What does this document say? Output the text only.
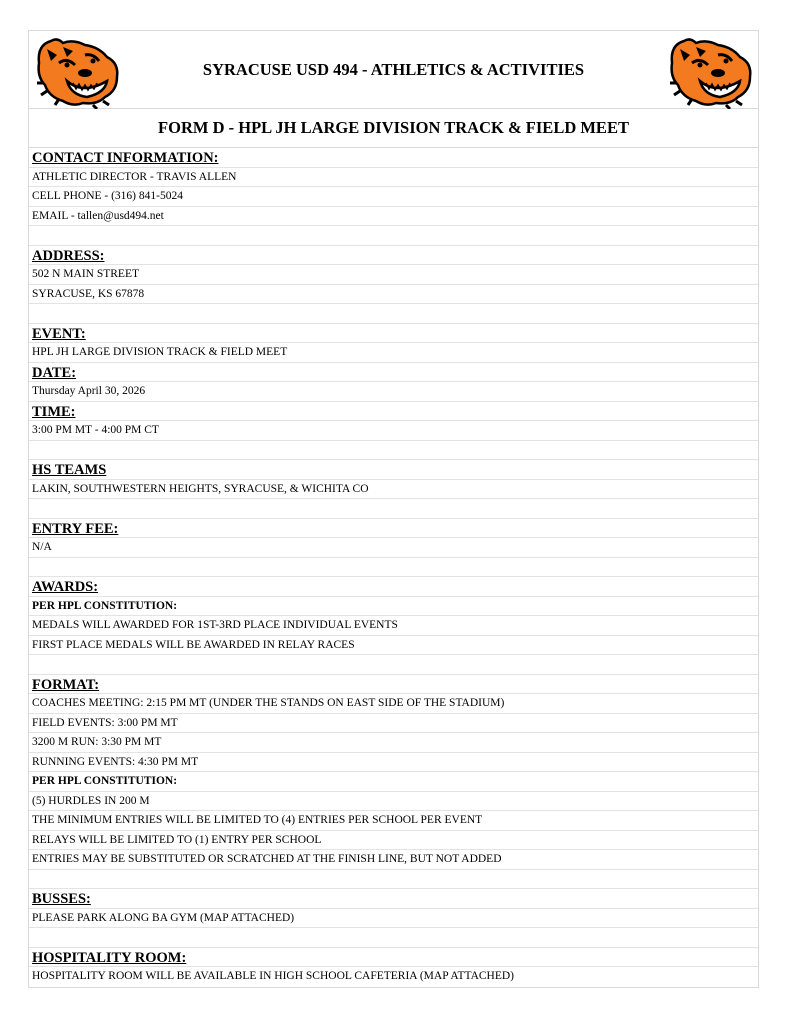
SYRACUSE USD 494 - ATHLETICS & ACTIVITIES
FORM D - HPL JH LARGE DIVISION TRACK & FIELD MEET
CONTACT INFORMATION:
ATHLETIC DIRECTOR - TRAVIS ALLEN
CELL PHONE - (316) 841-5024
EMAIL - tallen@usd494.net
ADDRESS:
502 N MAIN STREET
SYRACUSE, KS 67878
EVENT:
HPL JH LARGE DIVISION TRACK & FIELD MEET
DATE:
Thursday April 30, 2026
TIME:
3:00 PM MT - 4:00 PM CT
HS TEAMS
LAKIN, SOUTHWESTERN HEIGHTS, SYRACUSE, & WICHITA CO
ENTRY FEE:
N/A
AWARDS:
PER HPL CONSTITUTION:
MEDALS WILL AWARDED FOR 1ST-3RD PLACE INDIVIDUAL EVENTS
FIRST PLACE MEDALS WILL BE AWARDED IN RELAY RACES
FORMAT:
COACHES MEETING: 2:15 PM MT (UNDER THE STANDS ON EAST SIDE OF THE STADIUM)
FIELD EVENTS: 3:00 PM MT
3200 M RUN: 3:30 PM MT
RUNNING EVENTS: 4:30 PM MT
PER HPL CONSTITUTION:
(5) HURDLES IN 200 M
THE MINIMUM ENTRIES WILL BE LIMITED TO (4) ENTRIES PER SCHOOL PER EVENT
RELAYS WILL BE LIMITED TO (1) ENTRY PER SCHOOL
ENTRIES MAY BE SUBSTITUTED OR SCRATCHED AT THE FINISH LINE, BUT NOT ADDED
BUSSES:
PLEASE PARK ALONG BA GYM (MAP ATTACHED)
HOSPITALITY ROOM:
HOSPITALITY ROOM WILL BE AVAILABLE IN HIGH SCHOOL CAFETERIA (MAP ATTACHED)
